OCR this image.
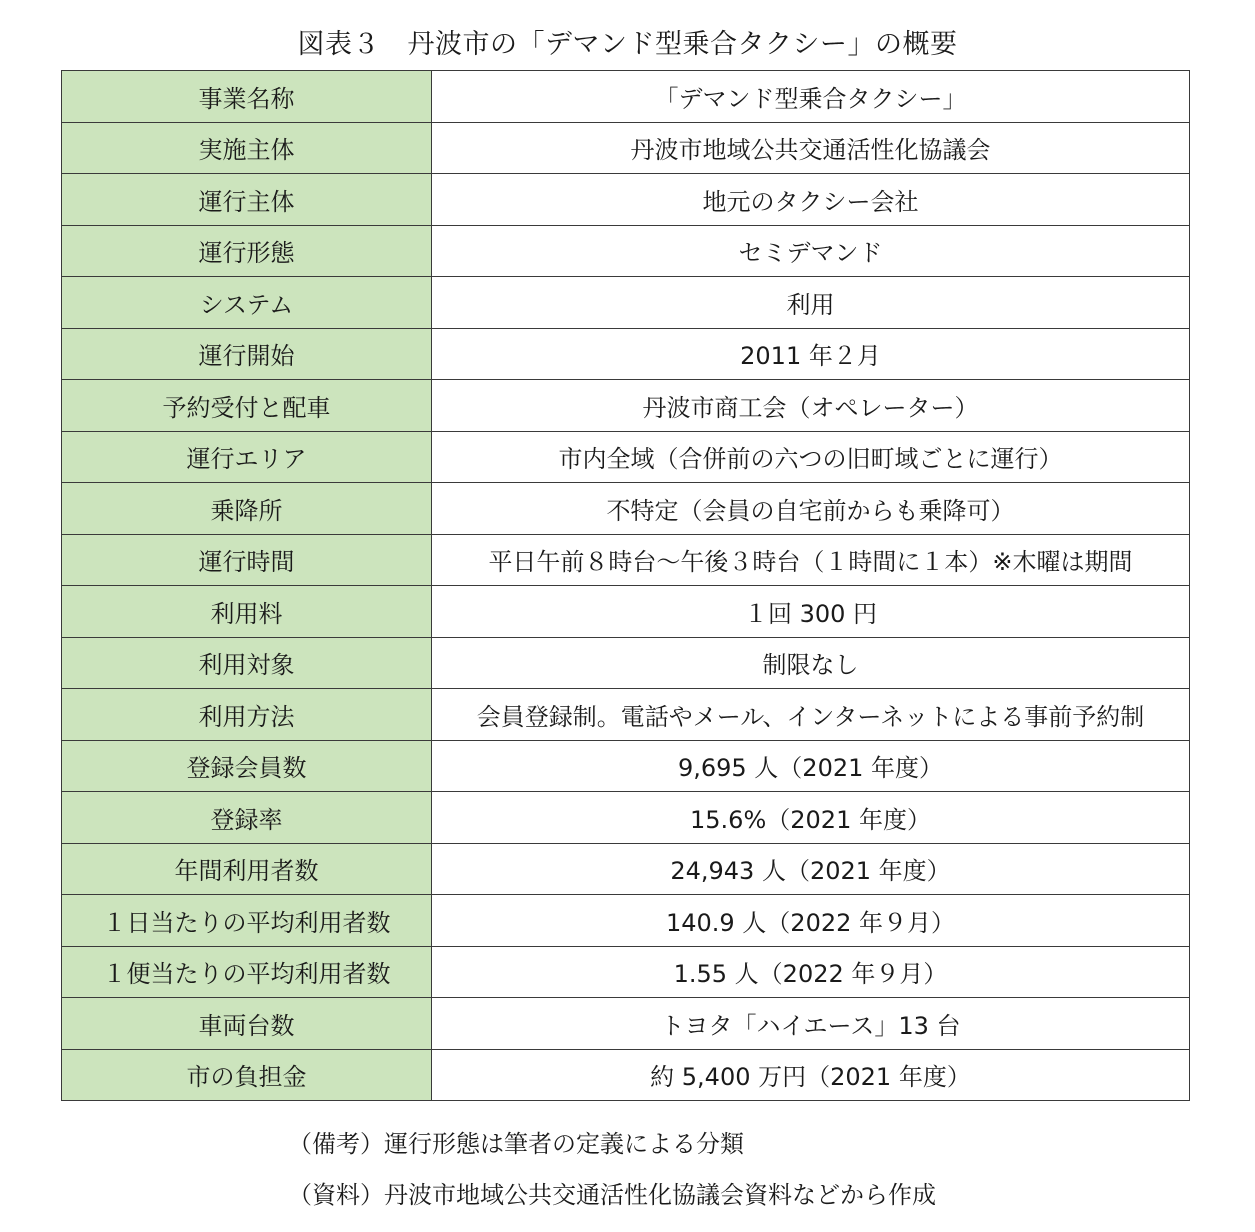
図表３　丹波市の「デマンド型乗合タクシー」の概要
事業名称	「デマンド型乗合タクシー」
実施主体	丹波市地域公共交通活性化協議会
運行主体	地元のタクシー会社
運行形態	セミデマンド
システム	利用
運行開始	2011 年２月
予約受付と配車	丹波市商工会（オペレーター）
運行エリア	市内全域（合併前の六つの旧町域ごとに運行）
乗降所	不特定（会員の自宅前からも乗降可）
運行時間	平日午前８時台～午後３時台（１時間に１本）※木曜は期間
利用料	１回 300 円
利用対象	制限なし
利用方法	会員登録制。電話やメール、インターネットによる事前予約制
登録会員数	9,695 人（2021 年度）
登録率	15.6%（2021 年度）
年間利用者数	24,943 人（2021 年度）
１日当たりの平均利用者数	140.9 人（2022 年９月）
１便当たりの平均利用者数	1.55 人（2022 年９月）
車両台数	トヨタ「ハイエース」13 台
市の負担金	約 5,400 万円（2021 年度）
（備考）運行形態は筆者の定義による分類
（資料）丹波市地域公共交通活性化協議会資料などから作成
